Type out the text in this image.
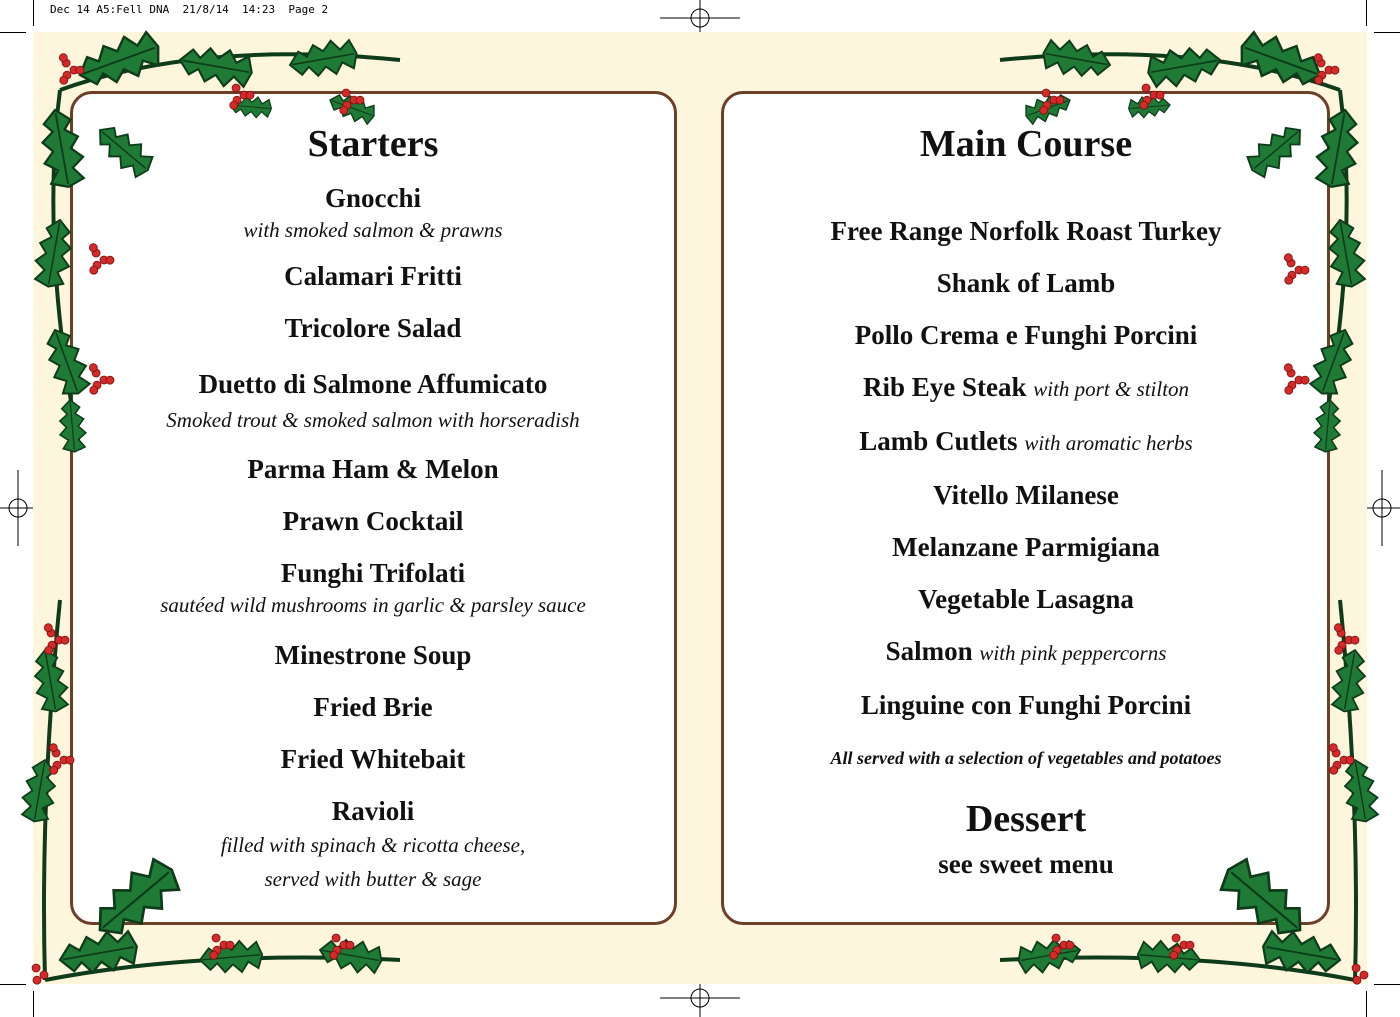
Dec 14 A5:Fell DNA  21/8/14  14:23  Page 2
Starters
Gnocchi
with smoked salmon & prawns
Calamari Fritti
Tricolore Salad
Duetto di Salmone Affumicato
Smoked trout & smoked salmon with horseradish
Parma Ham & Melon
Prawn Cocktail
Funghi Trifolati
sautéed wild mushrooms in garlic & parsley sauce
Minestrone Soup
Fried Brie
Fried Whitebait
Ravioli
filled with spinach & ricotta cheese,
served with butter & sage
Main Course
Free Range Norfolk Roast Turkey
Shank of Lamb
Pollo Crema e Funghi Porcini
Rib Eye Steak with port & stilton
Lamb Cutlets with aromatic herbs
Vitello Milanese
Melanzane Parmigiana
Vegetable Lasagna
Salmon with pink peppercorns
Linguine con Funghi Porcini
All served with a selection of vegetables and potatoes
Dessert
see sweet menu
